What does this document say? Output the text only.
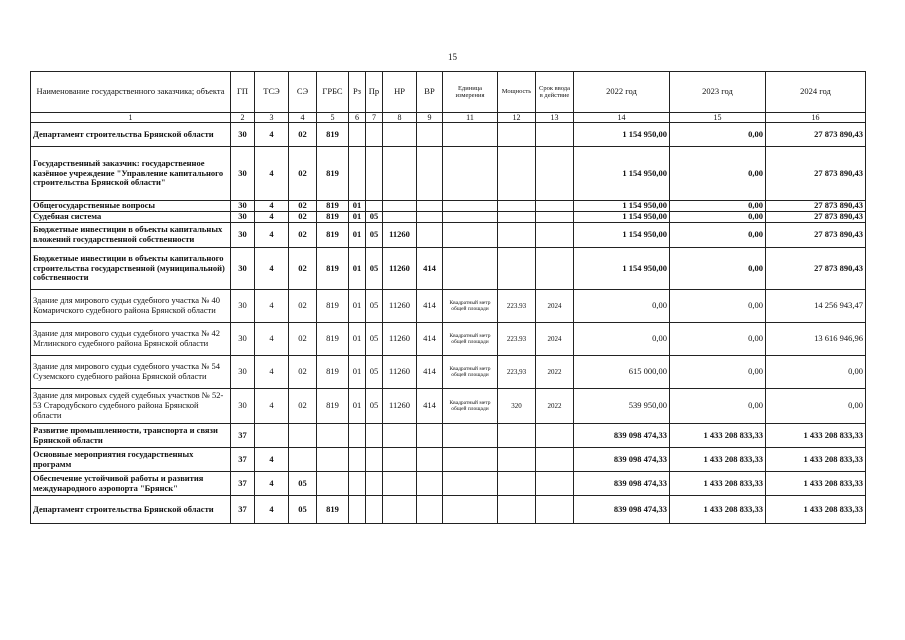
15
Наименование государственного заказчика; объекта	ГП	ТСЭ	СЭ	ГРБС	Рз	Пр	НР	ВР	Единица измерения	Мощность	Срок ввода в действие	2022 год	2023 год	2024 год
1	2	3	4	5	6	7	8	9	11	12	13	14	15	16
Департамент строительства Брянской области	30	4	02	819								1 154 950,00	0,00	27 873 890,43
Государственный заказчик: государственное казённое учреждение "Управление капитального строительства Брянской области"	30	4	02	819								1 154 950,00	0,00	27 873 890,43
Общегосударственные вопросы	30	4	02	819	01							1 154 950,00	0,00	27 873 890,43
Судебная система	30	4	02	819	01	05						1 154 950,00	0,00	27 873 890,43
Бюджетные инвестиции в объекты капитальных вложений государственной собственности	30	4	02	819	01	05	11260					1 154 950,00	0,00	27 873 890,43
Бюджетные инвестиции в объекты капитального строительства государственной (муниципальной) собственности	30	4	02	819	01	05	11260	414				1 154 950,00	0,00	27 873 890,43
Здание для мирового судьи судебного участка № 40 Комаричского судебного района Брянской области	30	4	02	819	01	05	11260	414	Квадратный метр общей площади	223.93	2024	0,00	0,00	14 256 943,47
Здание для мирового судьи судебного участка № 42 Мглинского судебного района Брянской области	30	4	02	819	01	05	11260	414	Квадратный метр общей площади	223.93	2024	0,00	0,00	13 616 946,96
Здание для мирового судьи судебного участка № 54 Суземского судебного района Брянской области	30	4	02	819	01	05	11260	414	Квадратный метр общей площади	223,93	2022	615 000,00	0,00	0,00
Здание для мировых судей судебных участков № 52-53 Стародубского судебного района Брянской области	30	4	02	819	01	05	11260	414	Квадратный метр общей площади	320	2022	539 950,00	0,00	0,00
Развитие промышленности, транспорта и связи Брянской области	37											839 098 474,33	1 433 208 833,33	1 433 208 833,33
Основные мероприятия государственных программ	37	4										839 098 474,33	1 433 208 833,33	1 433 208 833,33
Обеспечение устойчивой работы и развития международного аэропорта "Брянск"	37	4	05									839 098 474,33	1 433 208 833,33	1 433 208 833,33
Департамент строительства Брянской области	37	4	05	819								839 098 474,33	1 433 208 833,33	1 433 208 833,33
